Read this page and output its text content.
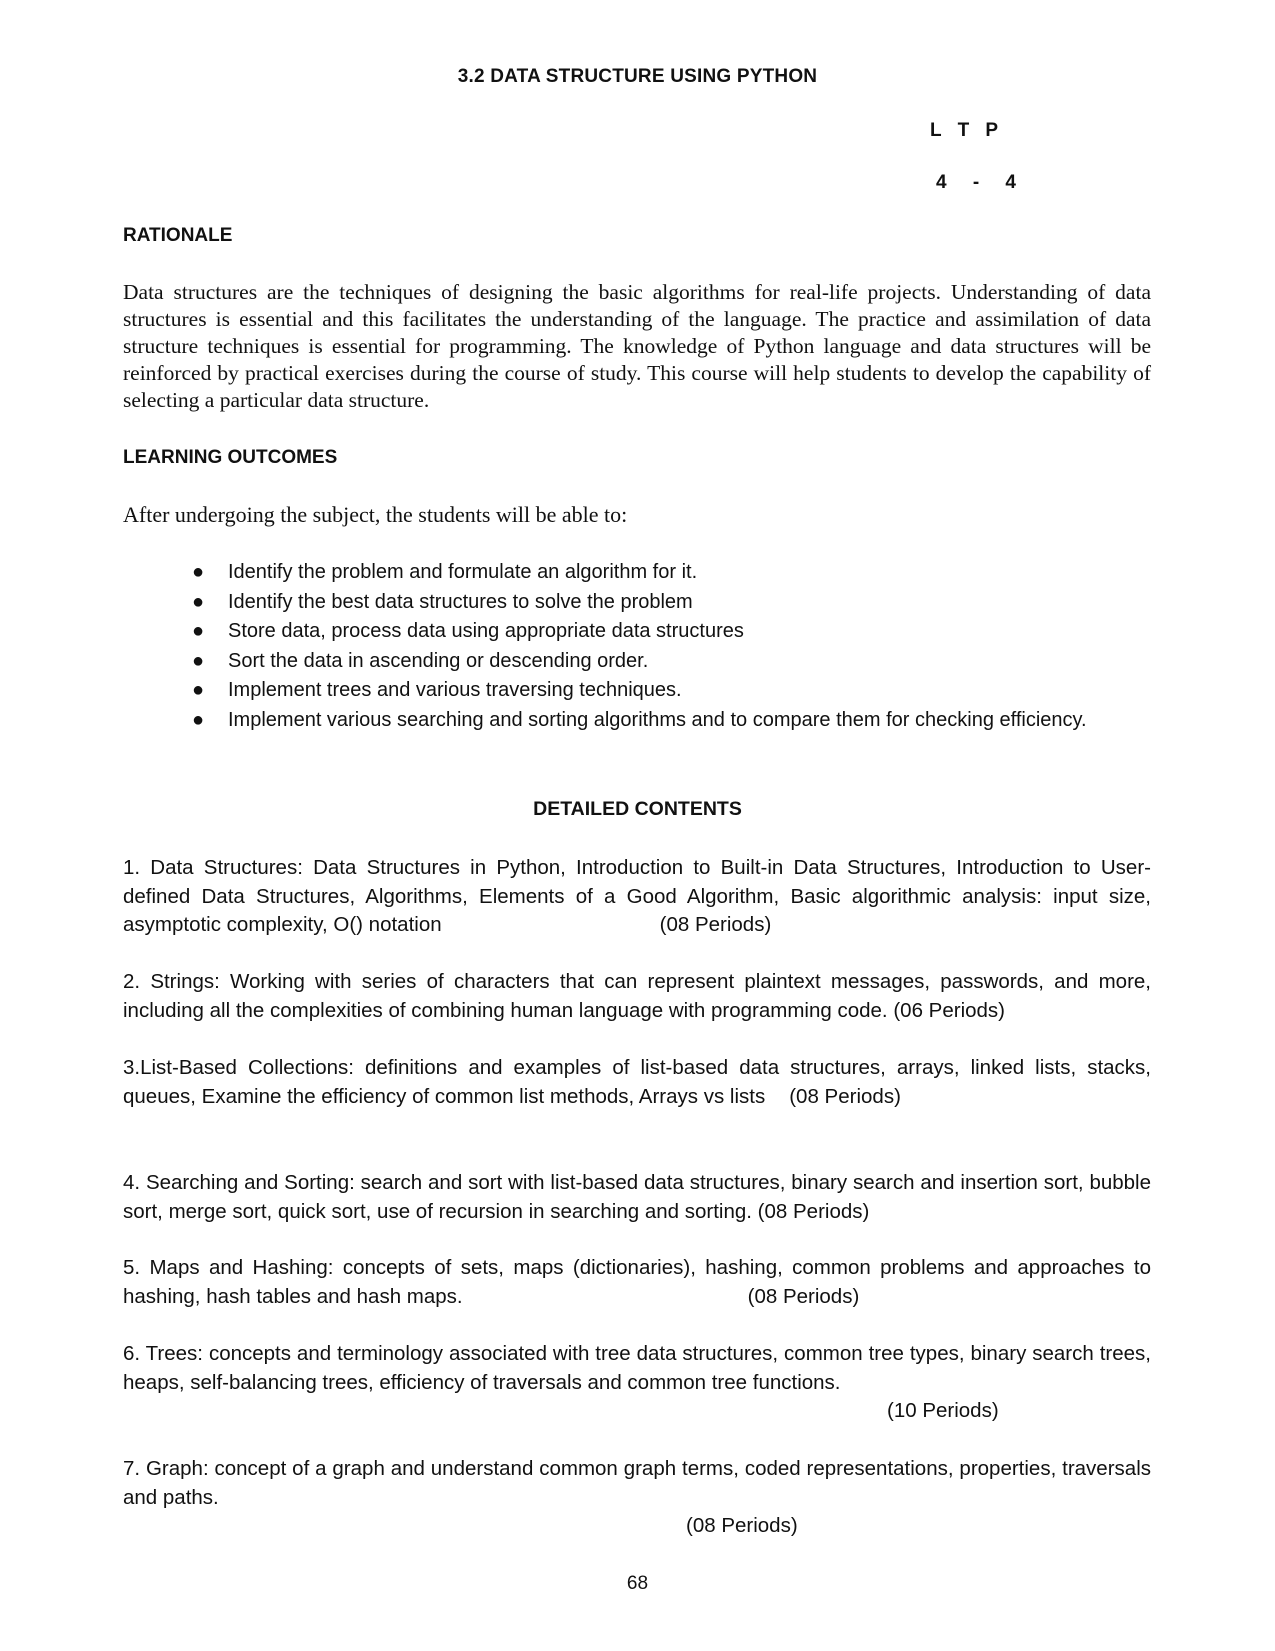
3.2 DATA STRUCTURE USING PYTHON
L T P
4 - 4
RATIONALE
Data structures are the techniques of designing the basic algorithms for real-life projects. Understanding of data structures is essential and this facilitates the understanding of the language. The practice and assimilation of data structure techniques is essential for programming. The knowledge of Python language and data structures will be reinforced by practical exercises during the course of study. This course will help students to develop the capability of selecting a particular data structure.
LEARNING OUTCOMES
After undergoing the subject, the students will be able to:
● Identify the problem and formulate an algorithm for it.
● Identify the best data structures to solve the problem
● Store data, process data using appropriate data structures
● Sort the data in ascending or descending order.
● Implement trees and various traversing techniques.
● Implement various searching and sorting algorithms and to compare them for checking efficiency.
DETAILED CONTENTS
1. Data Structures: Data Structures in Python, Introduction to Built-in Data Structures, Introduction to User-defined Data Structures, Algorithms, Elements of a Good Algorithm, Basic algorithmic analysis: input size, asymptotic complexity, O() notation	(08 Periods)
2. Strings: Working with series of characters that can represent plaintext messages, passwords, and more, including all the complexities of combining human language with programming code. (06 Periods)
3.List-Based Collections: definitions and examples of list-based data structures, arrays, linked lists, stacks, queues, Examine the efficiency of common list methods, Arrays vs lists (08 Periods)
4. Searching and Sorting: search and sort with list-based data structures, binary search and insertion sort, bubble sort, merge sort, quick sort, use of recursion in searching and sorting. (08 Periods)
5. Maps and Hashing: concepts of sets, maps (dictionaries), hashing, common problems and approaches to hashing, hash tables and hash maps.	(08 Periods)
6. Trees: concepts and terminology associated with tree data structures, common tree types, binary search trees, heaps, self-balancing trees, efficiency of traversals and common tree functions.
(10 Periods)
7. Graph: concept of a graph and understand common graph terms, coded representations, properties, traversals and paths.
(08 Periods)
68
